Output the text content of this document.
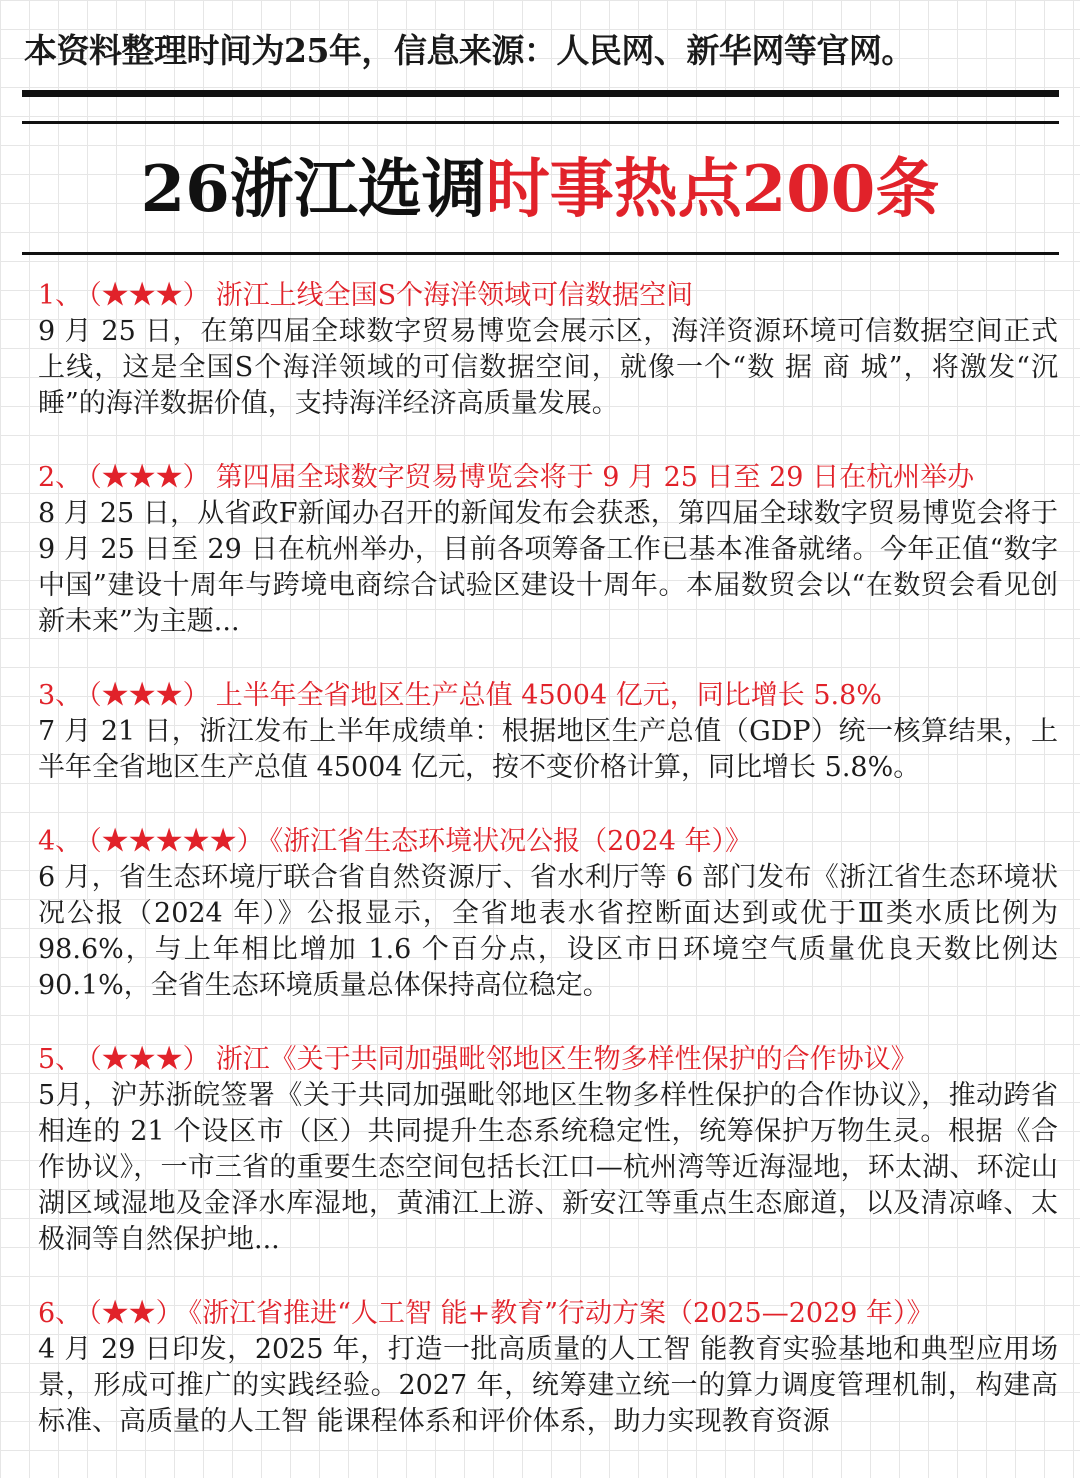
本资料整理时间为25年，信息来源：人民网、新华网等官网。
26浙江选调时事热点200条
1、 （★★★） 浙江上线全国S个海洋领域可信数据空间
9 月 25 日，在第四届全球数字贸易博览会展示区，海洋资源环境可信数据空间正式上线，这是全国S个海洋领域的可信数据空间，就像一个“数 据 商 城”，将激发“沉睡”的海洋数据价值，支持海洋经济高质量发展。
2、 （★★★） 第四届全球数字贸易博览会将于 9 月 25 日至 29 日在杭州举办
8 月 25 日，从省政F新闻办召开的新闻发布会获悉，第四届全球数字贸易博览会将于9 月 25 日至 29 日在杭州举办，目前各项筹备工作已基本准备就绪。今年正值“数字中国”建设十周年与跨境电商综合试验区建设十周年。本届数贸会以“在数贸会看见创新未来”为主题...
3、 （★★★） 上半年全省地区生产总值 45004 亿元，同比增长 5.8%
7 月 21 日，浙江发布上半年成绩单：根据地区生产总值（GDP）统一核算结果，上半年全省地区生产总值 45004 亿元，按不变价格计算，同比增长 5.8%。
4、 （★★★★★） 《浙江省生态环境状况公报（2024 年）》
6 月，省生态环境厅联合省自然资源厅、省水利厅等 6 部门发布《浙江省生态环境状况公报（2024 年）》公报显示，全省地表水省控断面达到或优于Ⅲ类水质比例为 98.6%，与上年相比增加 1.6 个百分点，设区市日环境空气质量优良天数比例达90.1%，全省生态环境质量总体保持高位稳定。
5、 （★★★） 浙江《关于共同加强毗邻地区生物多样性保护的合作协议》
5月，沪苏浙皖签署《关于共同加强毗邻地区生物多样性保护的合作协议》，推动跨省相连的 21 个设区市（区）共同提升生态系统稳定性，统筹保护万物生灵。根据《合作协议》，一市三省的重要生态空间包括长江口—杭州湾等近海湿地，环太湖、环淀山湖区域湿地及金泽水库湿地，黄浦江上游、新安江等重点生态廊道，以及清凉峰、太极洞等自然保护地...
6、 （★★） 《浙江省推进“人工智 能+教育”行动方案（2025—2029 年）》
4 月 29 日印发，2025 年，打造一批高质量的人工智 能教育实验基地和典型应用场景，形成可推广的实践经验。2027 年，统筹建立统一的算力调度管理机制，构建高标准、高质量的人工智 能课程体系和评价体系，助力实现教育资源
